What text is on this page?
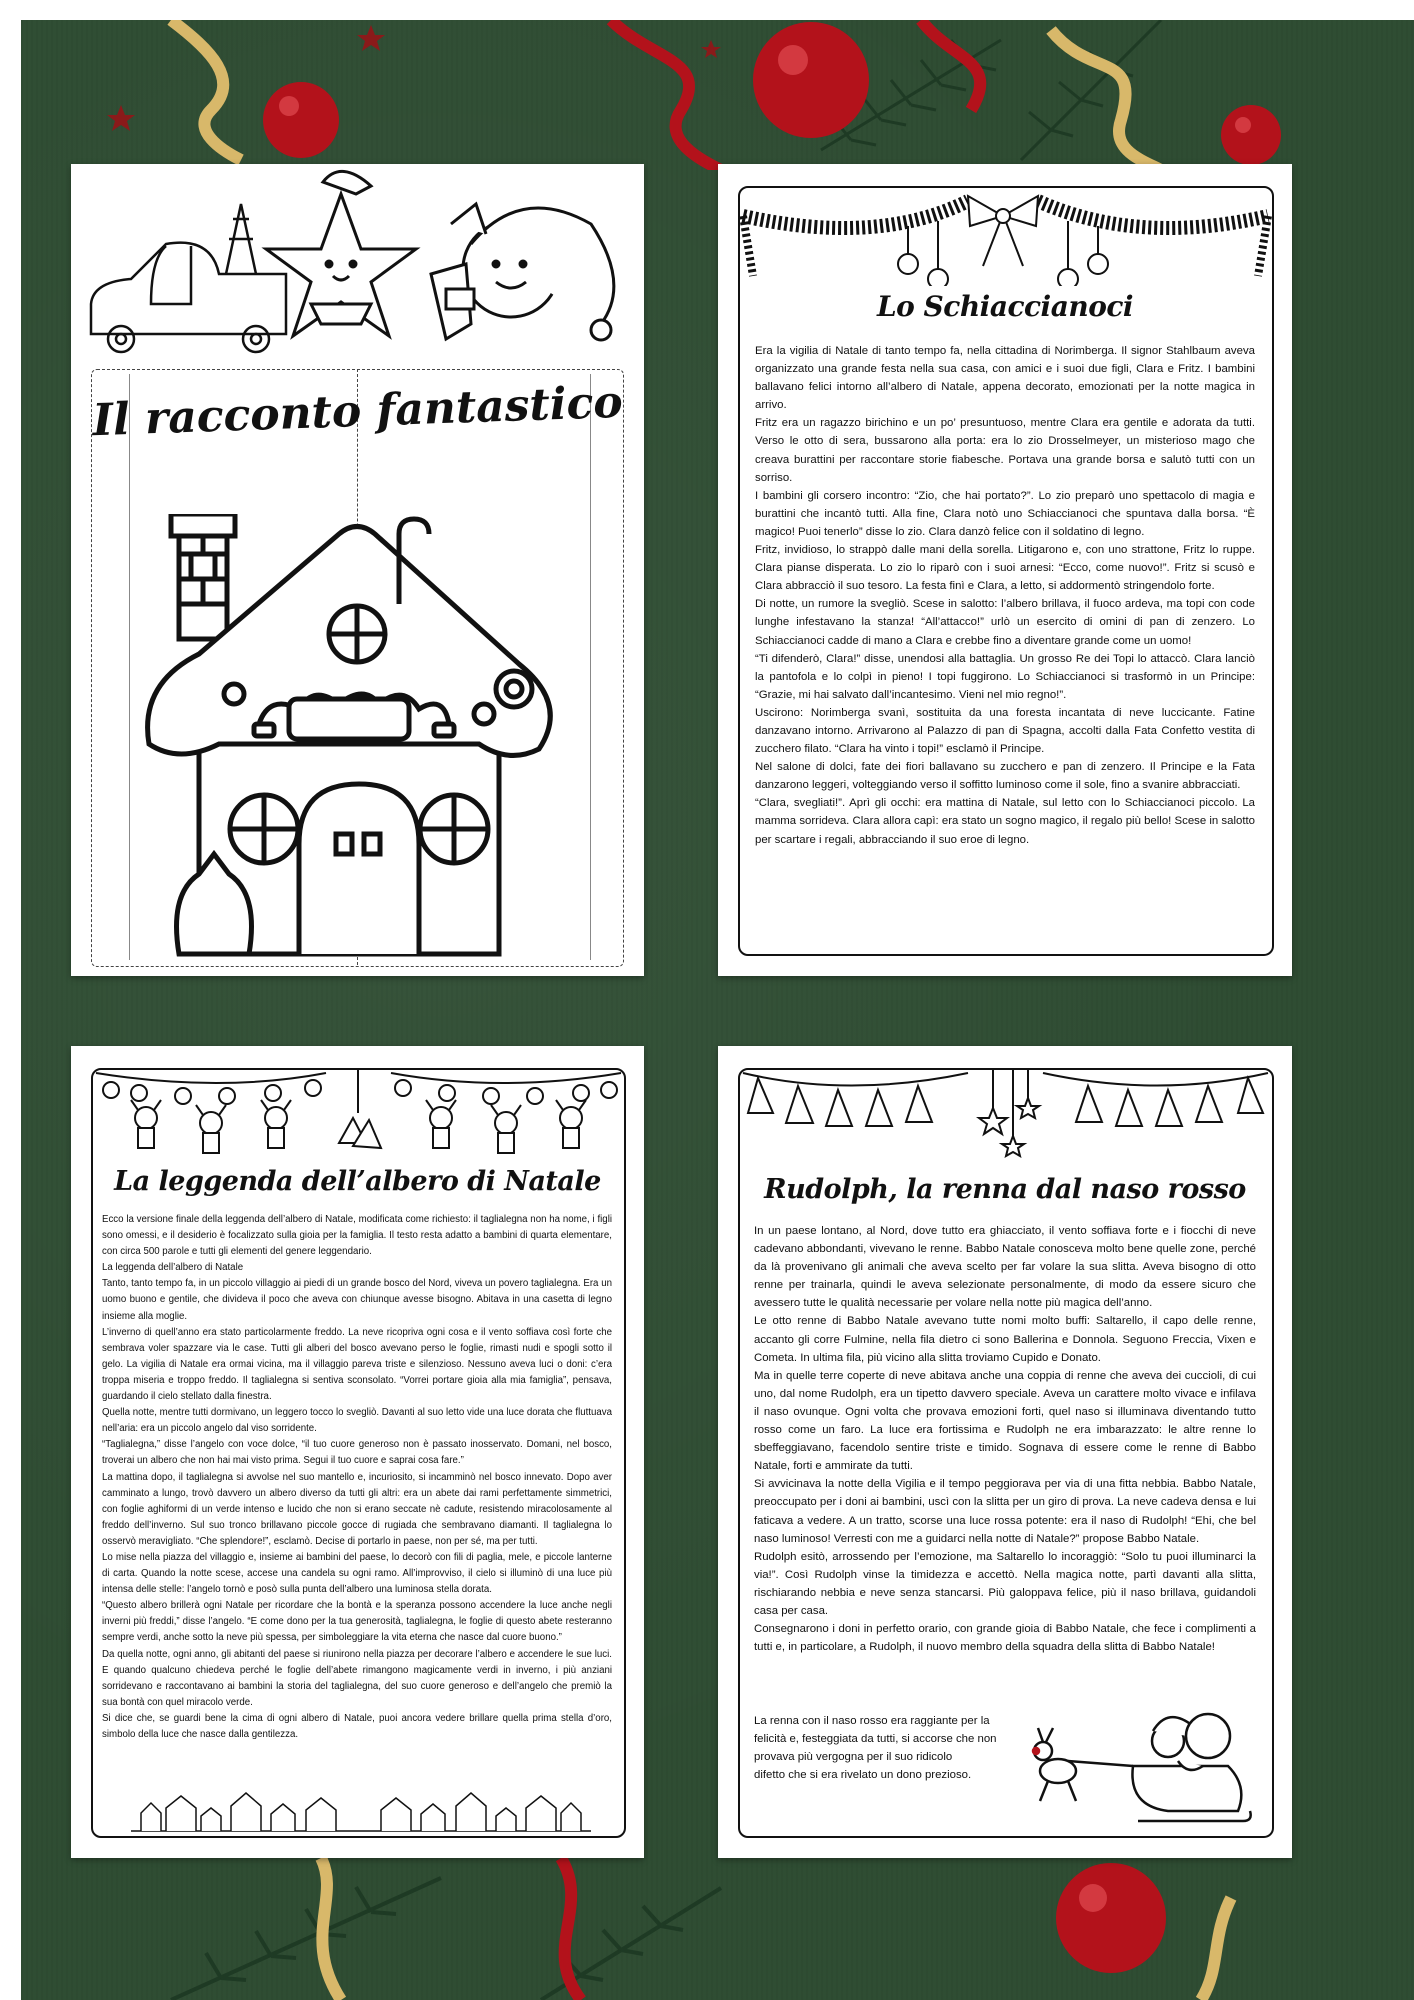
Il racconto fantastico
Lo Schiaccianoci

Era la vigilia di Natale di tanto tempo fa, nella cittadina di Norimberga. Il signor Stahlbaum aveva organizzato una grande festa nella sua casa, con amici e i suoi due figli, Clara e Fritz. I bambini ballavano felici intorno all’albero di Natale, appena decorato, emozionati per la notte magica in arrivo.

Fritz era un ragazzo birichino e un po’ presuntuoso, mentre Clara era gentile e adorata da tutti. Verso le otto di sera, bussarono alla porta: era lo zio Drosselmeyer, un misterioso mago che creava burattini per raccontare storie fiabesche. Portava una grande borsa e salutò tutti con un sorriso.

I bambini gli corsero incontro: “Zio, che hai portato?”. Lo zio preparò uno spettacolo di magia e burattini che incantò tutti. Alla fine, Clara notò uno Schiaccianoci che spuntava dalla borsa. “È magico! Puoi tenerlo” disse lo zio. Clara danzò felice con il soldatino di legno.

Fritz, invidioso, lo strappò dalle mani della sorella. Litigarono e, con uno strattone, Fritz lo ruppe. Clara pianse disperata. Lo zio lo riparò con i suoi arnesi: “Ecco, come nuovo!”. Fritz si scusò e Clara abbracciò il suo tesoro. La festa finì e Clara, a letto, si addormentò stringendolo forte.

Di notte, un rumore la svegliò. Scese in salotto: l’albero brillava, il fuoco ardeva, ma topi con code lunghe infestavano la stanza! “All’attacco!” urlò un esercito di omini di pan di zenzero. Lo Schiaccianoci cadde di mano a Clara e crebbe fino a diventare grande come un uomo!

“Ti difenderò, Clara!” disse, unendosi alla battaglia. Un grosso Re dei Topi lo attaccò. Clara lanciò la pantofola e lo colpì in pieno! I topi fuggirono. Lo Schiaccianoci si trasformò in un Principe: “Grazie, mi hai salvato dall’incantesimo. Vieni nel mio regno!”.

Uscirono: Norimberga svanì, sostituita da una foresta incantata di neve luccicante. Fatine danzavano intorno. Arrivarono al Palazzo di pan di Spagna, accolti dalla Fata Confetto vestita di zucchero filato. “Clara ha vinto i topi!” esclamò il Principe.

Nel salone di dolci, fate dei fiori ballavano su zucchero e pan di zenzero. Il Principe e la Fata danzarono leggeri, volteggiando verso il soffitto luminoso come il sole, fino a svanire abbracciati.

“Clara, svegliati!”. Aprì gli occhi: era mattina di Natale, sul letto con lo Schiaccianoci piccolo. La mamma sorrideva. Clara allora capì: era stato un sogno magico, il regalo più bello! Scese in salotto per scartare i regali, abbracciando il suo eroe di legno.

La leggenda dell’albero di Natale

Ecco la versione finale della leggenda dell’albero di Natale, modificata come richiesto: il taglialegna non ha nome, i figli sono omessi, e il desiderio è focalizzato sulla gioia per la famiglia. Il testo resta adatto a bambini di quarta elementare, con circa 500 parole e tutti gli elementi del genere leggendario.

La leggenda dell’albero di Natale

Tanto, tanto tempo fa, in un piccolo villaggio ai piedi di un grande bosco del Nord, viveva un povero taglialegna. Era un uomo buono e gentile, che divideva il poco che aveva con chiunque avesse bisogno. Abitava in una casetta di legno insieme alla moglie.

L’inverno di quell’anno era stato particolarmente freddo. La neve ricopriva ogni cosa e il vento soffiava così forte che sembrava voler spazzare via le case. Tutti gli alberi del bosco avevano perso le foglie, rimasti nudi e spogli sotto il gelo. La vigilia di Natale era ormai vicina, ma il villaggio pareva triste e silenzioso. Nessuno aveva luci o doni: c’era troppa miseria e troppo freddo. Il taglialegna si sentiva sconsolato. “Vorrei portare gioia alla mia famiglia”, pensava, guardando il cielo stellato dalla finestra.

Quella notte, mentre tutti dormivano, un leggero tocco lo svegliò. Davanti al suo letto vide una luce dorata che fluttuava nell’aria: era un piccolo angelo dal viso sorridente.

“Taglialegna,” disse l’angelo con voce dolce, “il tuo cuore generoso non è passato inosservato. Domani, nel bosco, troverai un albero che non hai mai visto prima. Segui il tuo cuore e saprai cosa fare.”

La mattina dopo, il taglialegna si avvolse nel suo mantello e, incuriosito, si incamminò nel bosco innevato. Dopo aver camminato a lungo, trovò davvero un albero diverso da tutti gli altri: era un abete dai rami perfettamente simmetrici, con foglie aghiformi di un verde intenso e lucido che non si erano seccate nè cadute, resistendo miracolosamente al freddo dell’inverno. Sul suo tronco brillavano piccole gocce di rugiada che sembravano diamanti. Il taglialegna lo osservò meravigliato. “Che splendore!”, esclamò. Decise di portarlo in paese, non per sé, ma per tutti.

Lo mise nella piazza del villaggio e, insieme ai bambini del paese, lo decorò con fili di paglia, mele, e piccole lanterne di carta. Quando la notte scese, accese una candela su ogni ramo. All’improvviso, il cielo si illuminò di una luce più intensa delle stelle: l’angelo tornò e posò sulla punta dell’albero una luminosa stella dorata.

“Questo albero brillerà ogni Natale per ricordare che la bontà e la speranza possono accendere la luce anche negli inverni più freddi,” disse l’angelo. “E come dono per la tua generosità, taglialegna, le foglie di questo abete resteranno sempre verdi, anche sotto la neve più spessa, per simboleggiare la vita eterna che nasce dal cuore buono.”

Da quella notte, ogni anno, gli abitanti del paese si riunirono nella piazza per decorare l’albero e accendere le sue luci. E quando qualcuno chiedeva perché le foglie dell’abete rimangono magicamente verdi in inverno, i più anziani sorridevano e raccontavano ai bambini la storia del taglialegna, del suo cuore generoso e dell’angelo che premiò la sua bontà con quel miracolo verde.

Si dice che, se guardi bene la cima di ogni albero di Natale, puoi ancora vedere brillare quella prima stella d’oro, simbolo della luce che nasce dalla gentilezza.

Rudolph, la renna dal naso rosso

In un paese lontano, al Nord, dove tutto era ghiacciato, il vento soffiava forte e i fiocchi di neve cadevano abbondanti, vivevano le renne. Babbo Natale conosceva molto bene quelle zone, perché da là provenivano gli animali che aveva scelto per far volare la sua slitta. Aveva bisogno di otto renne per trainarla, quindi le aveva selezionate personalmente, di modo da essere sicuro che avessero tutte le qualità necessarie per volare nella notte più magica dell’anno.

Le otto renne di Babbo Natale avevano tutte nomi molto buffi: Saltarello, il capo delle renne, accanto gli corre Fulmine, nella fila dietro ci sono Ballerina e Donnola. Seguono Freccia, Vixen e Cometa. In ultima fila, più vicino alla slitta troviamo Cupido e Donato.

Ma in quelle terre coperte di neve abitava anche una coppia di renne che aveva dei cuccioli, di cui uno, dal nome Rudolph, era un tipetto davvero speciale. Aveva un carattere molto vivace e infilava il naso ovunque. Ogni volta che provava emozioni forti, quel naso si illuminava diventando tutto rosso come un faro. La luce era fortissima e Rudolph ne era imbarazzato: le altre renne lo sbeffeggiavano, facendolo sentire triste e timido. Sognava di essere come le renne di Babbo Natale, forti e ammirate da tutti.

Si avvicinava la notte della Vigilia e il tempo peggiorava per via di una fitta nebbia. Babbo Natale, preoccupato per i doni ai bambini, uscì con la slitta per un giro di prova. La neve cadeva densa e lui faticava a vedere. A un tratto, scorse una luce rossa potente: era il naso di Rudolph! “Ehi, che bel naso luminoso! Verresti con me a guidarci nella notte di Natale?” propose Babbo Natale.

Rudolph esitò, arrossendo per l’emozione, ma Saltarello lo incoraggiò: “Solo tu puoi illuminarci la via!”. Così Rudolph vinse la timidezza e accettò. Nella magica notte, partì davanti alla slitta, rischiarando nebbia e neve senza stancarsi. Più galoppava felice, più il naso brillava, guidandoli casa per casa.

Consegnarono i doni in perfetto orario, con grande gioia di Babbo Natale, che fece i complimenti a tutti e, in particolare, a Rudolph, il nuovo membro della squadra della slitta di Babbo Natale!

La renna con il naso rosso era raggiante per la
felicità e, festeggiata da tutti, si accorse che non
provava più vergogna per il suo ridicolo
difetto che si era rivelato un dono prezioso.
